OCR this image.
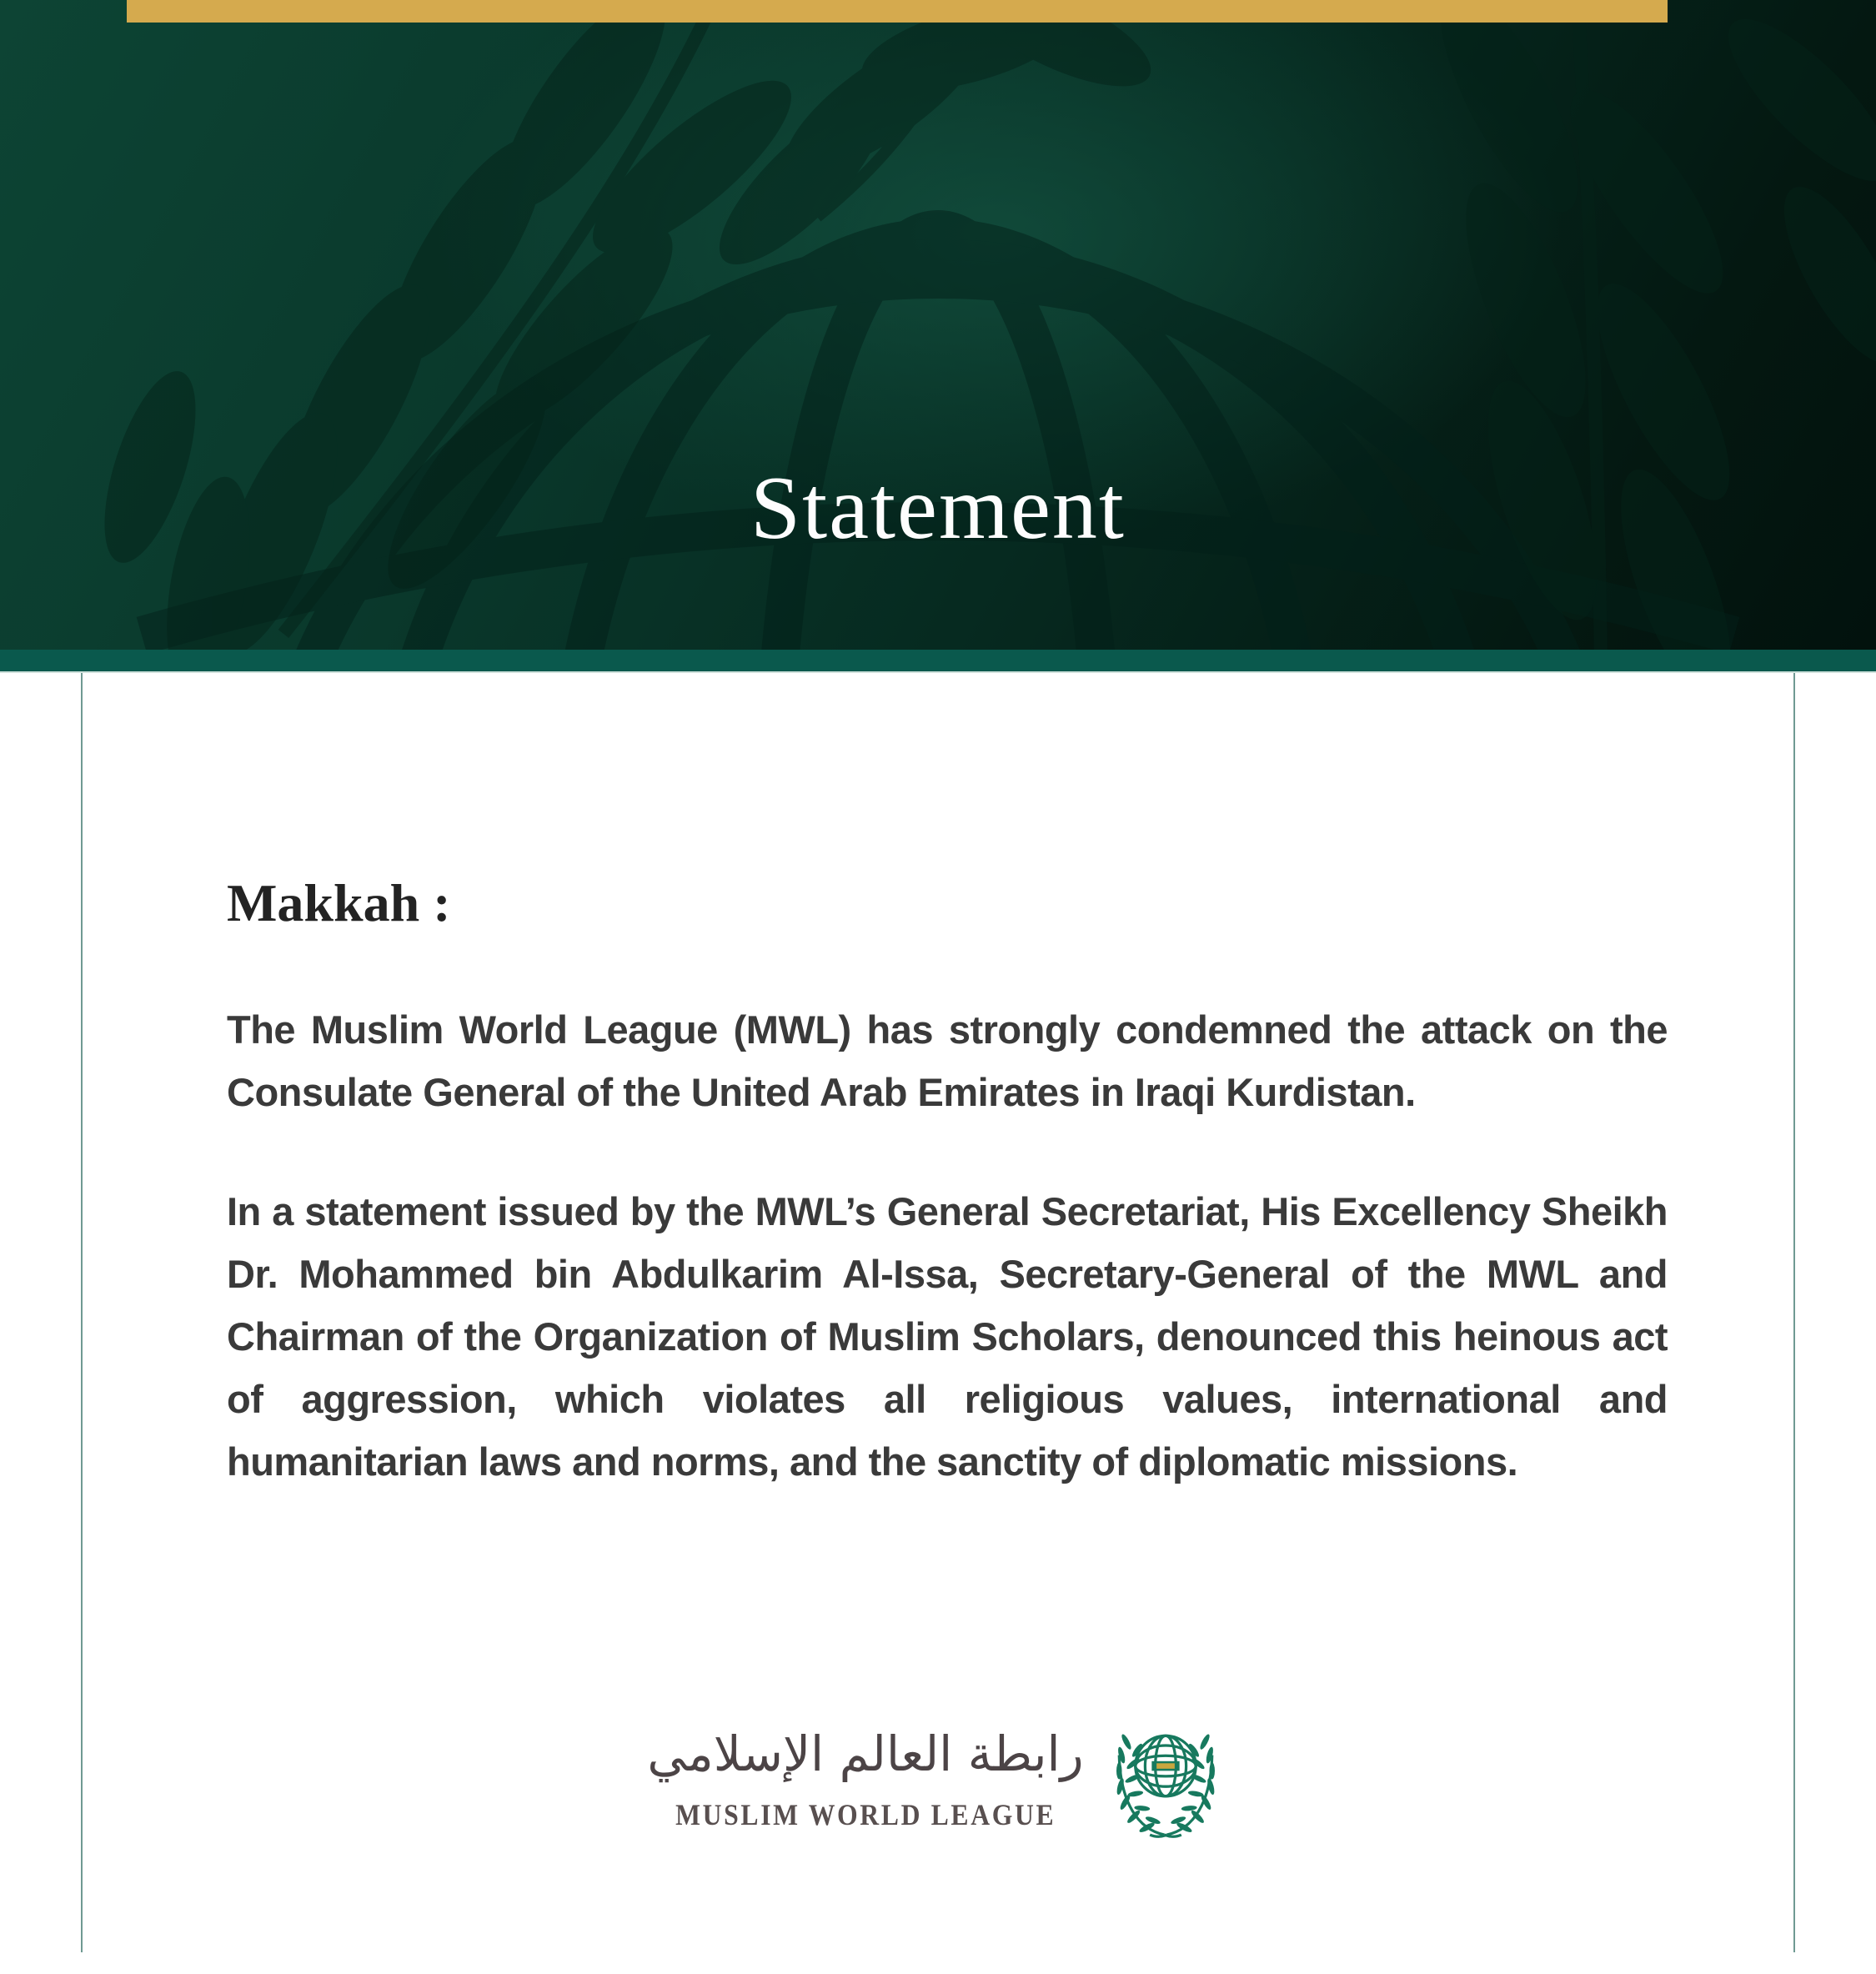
Statement
Makkah :

The Muslim World League (MWL) has strongly condemned the attack on the Consulate General of the United Arab Emirates in Iraqi Kurdistan.

In a statement issued by the MWL’s General Secretariat, His Excellency Sheikh Dr. Mohammed bin Abdulkarim Al-Issa, Secretary-General of the MWL and Chairman of the Organization of Muslim Scholars, denounced this heinous act of aggression, which violates all religious values, international and humanitarian laws and norms, and the sanctity of diplomatic missions.

رابطة العالم الإسلامي
MUSLIM WORLD LEAGUE
